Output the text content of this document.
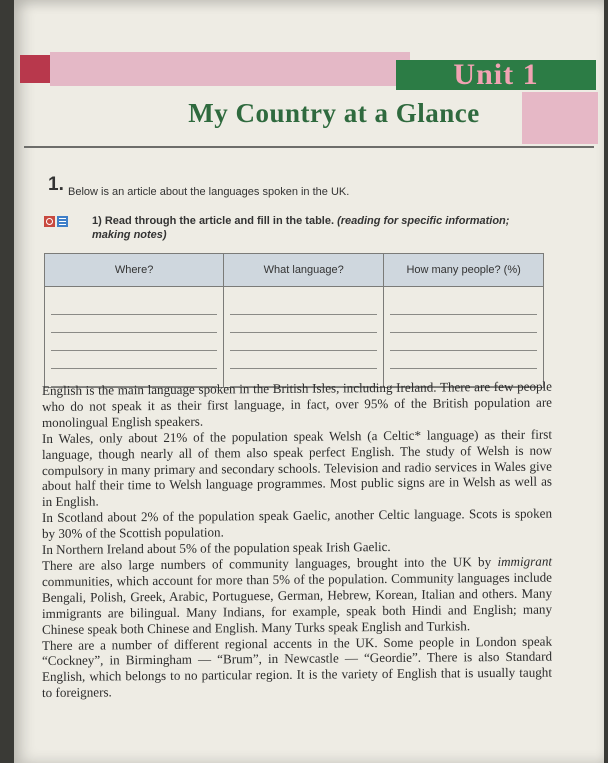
Unit 1
My Country at a Glance
1. Below is an article about the languages spoken in the UK.
1) Read through the article and fill in the table. (reading for specific information; making notes)
Where?	What language?	How many people? (%)

English is the main language spoken in the British Isles, including Ireland. There are few people who do not speak it as their first language, in fact, over 95% of the British population are monolingual English speakers.

In Wales, only about 21% of the population speak Welsh (a Celtic* language) as their first language, though nearly all of them also speak perfect English. The study of Welsh is now compulsory in many primary and secondary schools. Television and radio services in Wales give about half their time to Welsh language programmes. Most public signs are in Welsh as well as in English.

In Scotland about 2% of the population speak Gaelic, another Celtic language. Scots is spoken by 30% of the Scottish population.

In Northern Ireland about 5% of the population speak Irish Gaelic.

There are also large numbers of community languages, brought into the UK by immigrant communities, which account for more than 5% of the population. Community languages include Bengali, Polish, Greek, Arabic, Portuguese, German, Hebrew, Korean, Italian and others. Many immigrants are bilingual. Many Indians, for example, speak both Hindi and English; many Chinese speak both Chinese and English. Many Turks speak English and Turkish.

There are a number of different regional accents in the UK. Some people in London speak “Cockney”, in Birmingham — “Brum”, in Newcastle — “Geordie”. There is also Standard English, which belongs to no particular region. It is the variety of English that is usually taught to foreigners.
